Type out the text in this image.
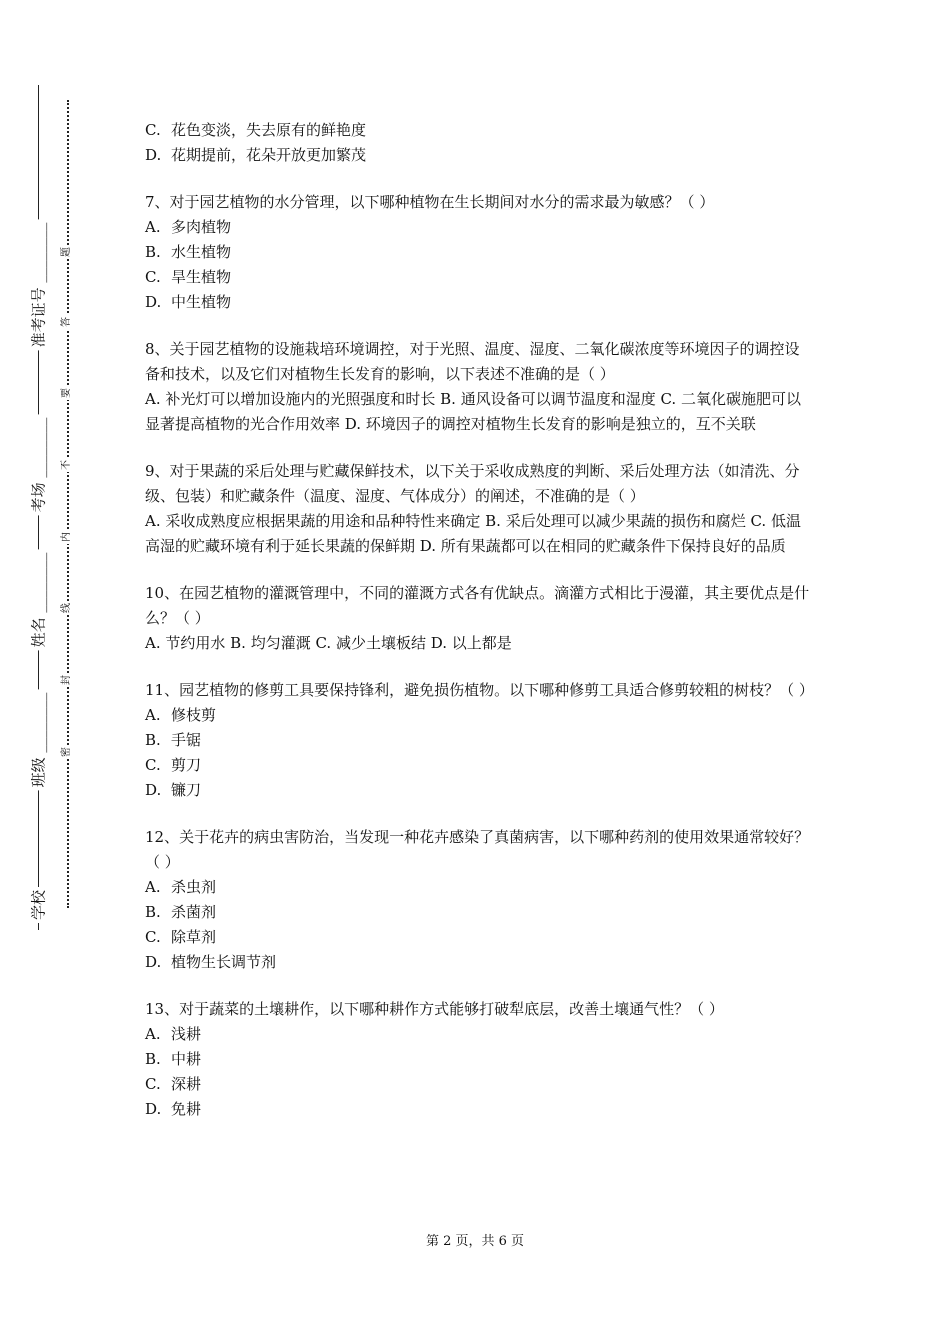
准考证号 ________
考场 ________
姓名 ________
班级 ________
学校
题
答
要
不
内
线
封
密
C. 花色变淡，失去原有的鲜艳度
D. 花期提前，花朵开放更加繁茂
7、对于园艺植物的水分管理，以下哪种植物在生长期间对水分的需求最为敏感？（ ）
A. 多肉植物
B. 水生植物
C. 旱生植物
D. 中生植物
8、关于园艺植物的设施栽培环境调控，对于光照、温度、湿度、二氧化碳浓度等环境因子的调控设备和技术，以及它们对植物生长发育的影响，以下表述不准确的是（ ）
A. 补光灯可以增加设施内的光照强度和时长 B. 通风设备可以调节温度和湿度 C. 二氧化碳施肥可以显著提高植物的光合作用效率 D. 环境因子的调控对植物生长发育的影响是独立的，互不关联
9、对于果蔬的采后处理与贮藏保鲜技术，以下关于采收成熟度的判断、采后处理方法（如清洗、分级、包装）和贮藏条件（温度、湿度、气体成分）的阐述，不准确的是（ ）
A. 采收成熟度应根据果蔬的用途和品种特性来确定 B. 采后处理可以减少果蔬的损伤和腐烂 C. 低温高湿的贮藏环境有利于延长果蔬的保鲜期 D. 所有果蔬都可以在相同的贮藏条件下保持良好的品质
10、在园艺植物的灌溉管理中，不同的灌溉方式各有优缺点。滴灌方式相比于漫灌，其主要优点是什么？（ ）
A. 节约用水 B. 均匀灌溉 C. 减少土壤板结 D. 以上都是
11、园艺植物的修剪工具要保持锋利，避免损伤植物。以下哪种修剪工具适合修剪较粗的树枝？（ ）
A. 修枝剪
B. 手锯
C. 剪刀
D. 镰刀
12、关于花卉的病虫害防治，当发现一种花卉感染了真菌病害，以下哪种药剂的使用效果通常较好？（ ）
A. 杀虫剂
B. 杀菌剂
C. 除草剂
D. 植物生长调节剂
13、对于蔬菜的土壤耕作，以下哪种耕作方式能够打破犁底层，改善土壤通气性？（ ）
A. 浅耕
B. 中耕
C. 深耕
D. 免耕
第 2 页，共 6 页
